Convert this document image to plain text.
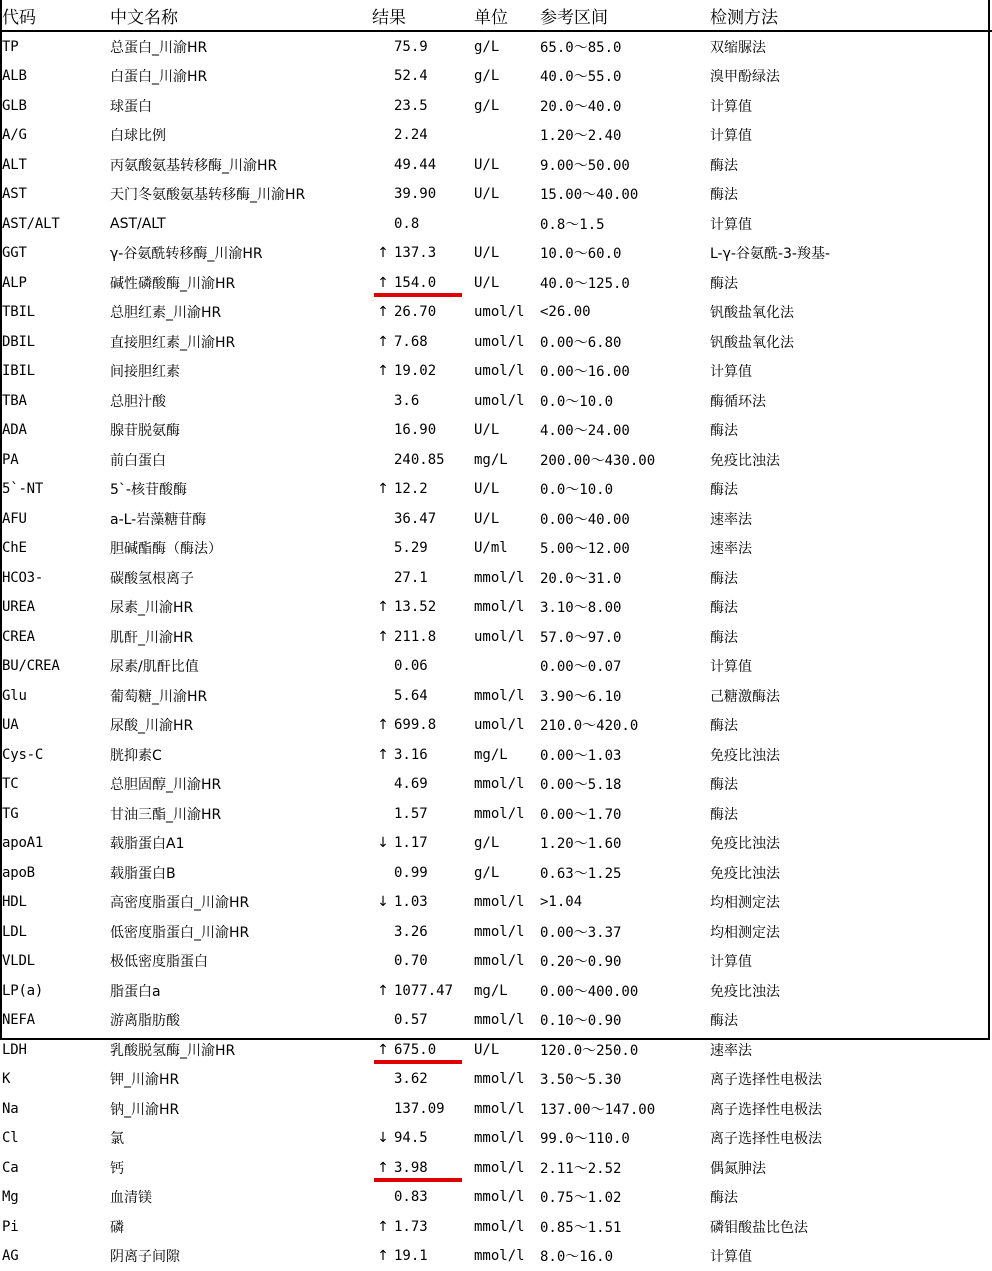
代码	中文名称	结果		单位	参考区间	检测方法
TP	总蛋白_川渝HR		75.9	g/L	65.0～85.0	双缩脲法
ALB	白蛋白_川渝HR		52.4	g/L	40.0～55.0	溴甲酚绿法
GLB	球蛋白		23.5	g/L	20.0～40.0	计算值
A/G	白球比例		2.24		1.20～2.40	计算值
ALT	丙氨酸氨基转移酶_川渝HR		49.44	U/L	9.00～50.00	酶法
AST	天门冬氨酸氨基转移酶_川渝HR		39.90	U/L	15.00～40.00	酶法
AST/ALT	AST/ALT		0.8		0.8～1.5	计算值
GGT	γ-谷氨酰转移酶_川渝HR	↑	137.3	U/L	10.0～60.0	L-γ-谷氨酰-3-羧基-
ALP	碱性磷酸酶_川渝HR	↑	154.0	U/L	40.0～125.0	酶法
TBIL	总胆红素_川渝HR	↑	26.70	umol/l	<26.00	钒酸盐氧化法
DBIL	直接胆红素_川渝HR	↑	7.68	umol/l	0.00～6.80	钒酸盐氧化法
IBIL	间接胆红素	↑	19.02	umol/l	0.00～16.00	计算值
TBA	总胆汁酸		3.6	umol/l	0.0～10.0	酶循环法
ADA	腺苷脱氨酶		16.90	U/L	4.00～24.00	酶法
PA	前白蛋白		240.85	mg/L	200.00～430.00	免疫比浊法
5`-NT	5`-核苷酸酶	↑	12.2	U/L	0.0～10.0	酶法
AFU	a-L-岩藻糖苷酶		36.47	U/L	0.00～40.00	速率法
ChE	胆碱酯酶（酶法）		5.29	U/ml	5.00～12.00	速率法
HCO3-	碳酸氢根离子		27.1	mmol/l	20.0～31.0	酶法
UREA	尿素_川渝HR	↑	13.52	mmol/l	3.10～8.00	酶法
CREA	肌酐_川渝HR	↑	211.8	umol/l	57.0～97.0	酶法
BU/CREA	尿素/肌酐比值		0.06		0.00～0.07	计算值
Glu	葡萄糖_川渝HR		5.64	mmol/l	3.90～6.10	己糖激酶法
UA	尿酸_川渝HR	↑	699.8	umol/l	210.0～420.0	酶法
Cys-C	胱抑素C	↑	3.16	mg/L	0.00～1.03	免疫比浊法
TC	总胆固醇_川渝HR		4.69	mmol/l	0.00～5.18	酶法
TG	甘油三酯_川渝HR		1.57	mmol/l	0.00～1.70	酶法
apoA1	载脂蛋白A1	↓	1.17	g/L	1.20～1.60	免疫比浊法
apoB	载脂蛋白B		0.99	g/L	0.63～1.25	免疫比浊法
HDL	高密度脂蛋白_川渝HR	↓	1.03	mmol/l	>1.04	均相测定法
LDL	低密度脂蛋白_川渝HR		3.26	mmol/l	0.00～3.37	均相测定法
VLDL	极低密度脂蛋白		0.70	mmol/l	0.20～0.90	计算值
LP(a)	脂蛋白a	↑	1077.47	mg/L	0.00～400.00	免疫比浊法
NEFA	游离脂肪酸		0.57	mmol/l	0.10～0.90	酶法
LDH	乳酸脱氢酶_川渝HR	↑	675.0	U/L	120.0～250.0	速率法
K	钾_川渝HR		3.62	mmol/l	3.50～5.30	离子选择性电极法
Na	钠_川渝HR		137.09	mmol/l	137.00～147.00	离子选择性电极法
Cl	氯	↓	94.5	mmol/l	99.0～110.0	离子选择性电极法
Ca	钙	↑	3.98	mmol/l	2.11～2.52	偶氮胂法
Mg	血清镁		0.83	mmol/l	0.75～1.02	酶法
Pi	磷	↑	1.73	mmol/l	0.85～1.51	磷钼酸盐比色法
AG	阴离子间隙	↑	19.1	mmol/l	8.0～16.0	计算值
